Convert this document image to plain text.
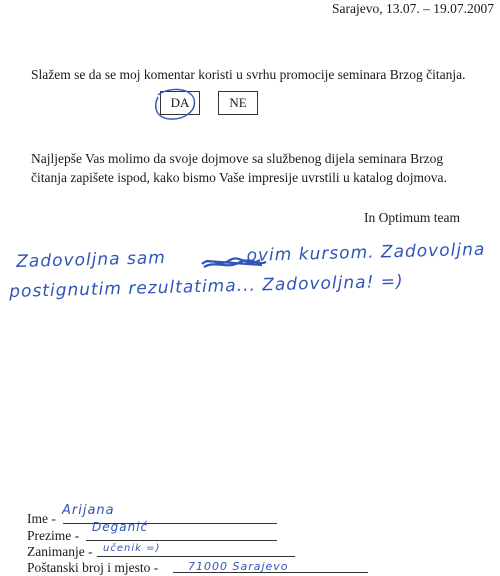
Sarajevo, 13.07. – 19.07.2007
Slažem se da se moj komentar koristi u svrhu promocije seminara Brzog čitanja.
DA	NE
Najljepše Vas molimo da svoje dojmove sa službenog dijela seminara Brzog
čitanja zapišete ispod, kako bismo Vaše impresije uvrstili u katalog dojmova.
In Optimum team
Zadovoljna sam	ovim kursom. Zadovoljna
postignutim rezultatima... Zadovoljna! =)
Ime -
Arijana
Prezime -
Deganić
Zanimanje - učenik =)
Poštanski broj i mjesto -	71000 Sarajevo
